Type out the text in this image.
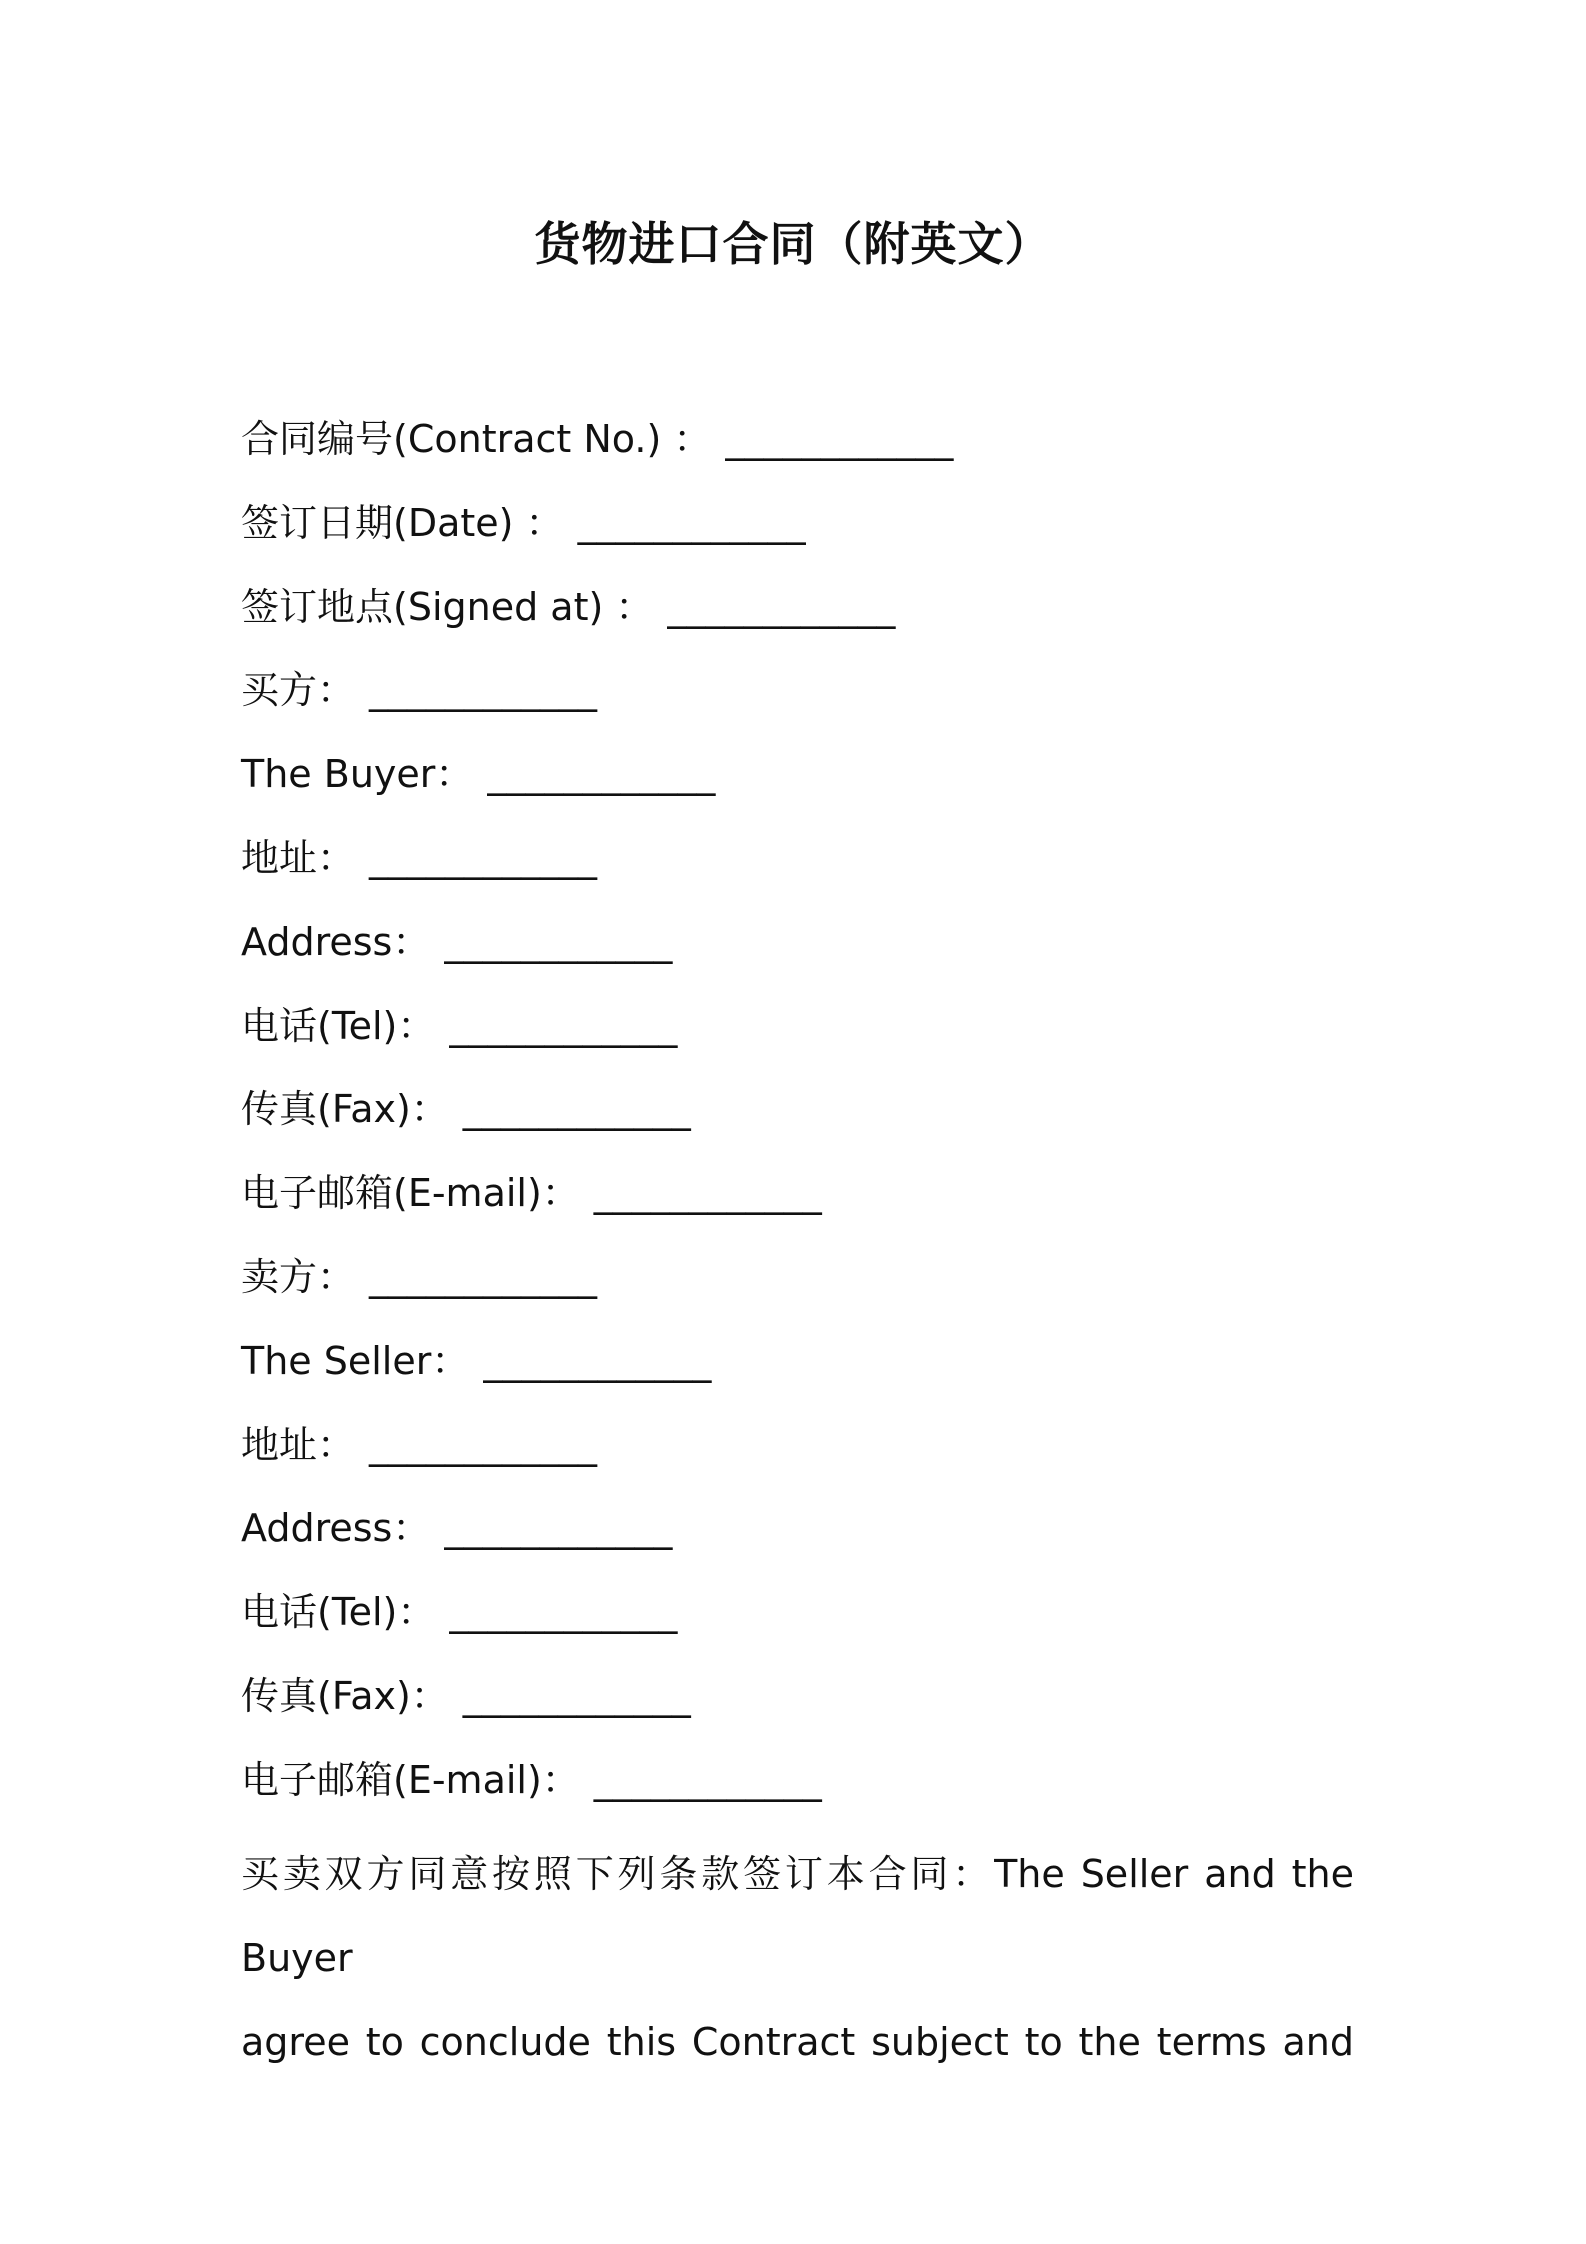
货物进口合同（附英文）
合同编号(Contract No.) ： ____________
签订日期(Date) ： ____________
签订地点(Signed at) ： ____________
买方： ____________
The Buyer： ____________
地址： ____________
Address： ____________
电话(Tel)： ____________
传真(Fax)： ____________
电子邮箱(E-mail)： ____________
卖方： ____________
The Seller： ____________
地址： ____________
Address： ____________
电话(Tel)： ____________
传真(Fax)： ____________
电子邮箱(E-mail)： ____________

买卖双方同意按照下列条款签订本合同：The Seller and the Buyer

agree to conclude this Contract subject to the terms and
